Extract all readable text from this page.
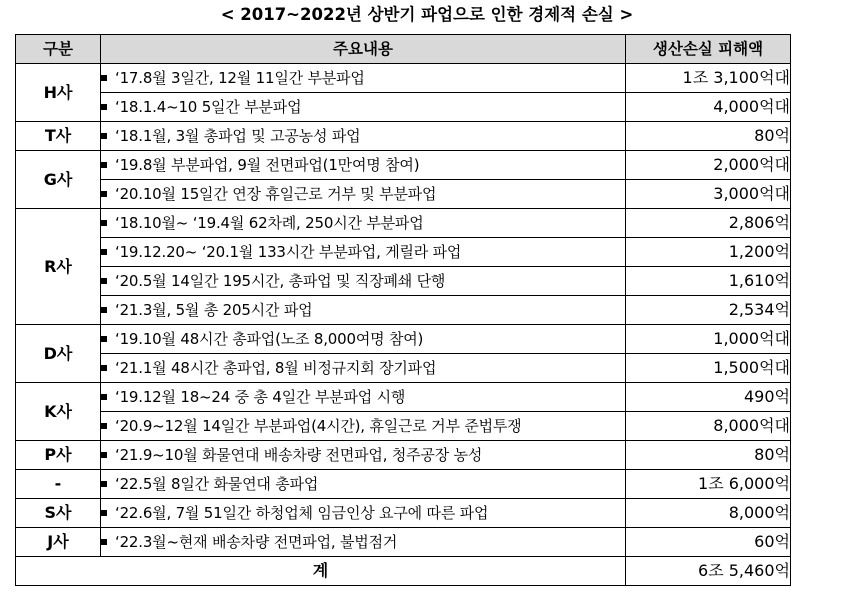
< 2017~2022년 상반기 파업으로 인한 경제적 손실 >
구분	주요내용	생산손실 피해액
H사	‘17.8월 3일간, 12월 11일간 부분파업	1조 3,100억대
	‘18.1.4~10 5일간 부분파업	4,000억대
T사	‘18.1월, 3월 총파업 및 고공농성 파업	80억
G사	‘19.8월 부분파업, 9월 전면파업(1만여명 참여)	2,000억대
	‘20.10월 15일간 연장 휴일근로 거부 및 부분파업	3,000억대
R사	‘18.10월~ ‘19.4월 62차례, 250시간 부분파업	2,806억
	‘19.12.20~ ‘20.1월 133시간 부분파업, 게릴라 파업	1,200억
	‘20.5월 14일간 195시간, 총파업 및 직장폐쇄 단행	1,610억
	‘21.3월, 5월 총 205시간 파업	2,534억
D사	‘19.10월 48시간 총파업(노조 8,000여명 참여)	1,000억대
	‘21.1월 48시간 총파업, 8월 비정규지회 장기파업	1,500억대
K사	‘19.12월 18~24 중 총 4일간 부분파업 시행	490억
	‘20.9~12월 14일간 부분파업(4시간), 휴일근로 거부 준법투쟁	8,000억대
P사	‘21.9~10월 화물연대 배송차량 전면파업, 청주공장 농성	80억
-	‘22.5월 8일간 화물연대 총파업	1조 6,000억
S사	‘22.6월, 7월 51일간 하청업체 임금인상 요구에 따른 파업	8,000억
J사	‘22.3월~현재 배송차량 전면파업, 불법점거	60억
계		6조 5,460억
